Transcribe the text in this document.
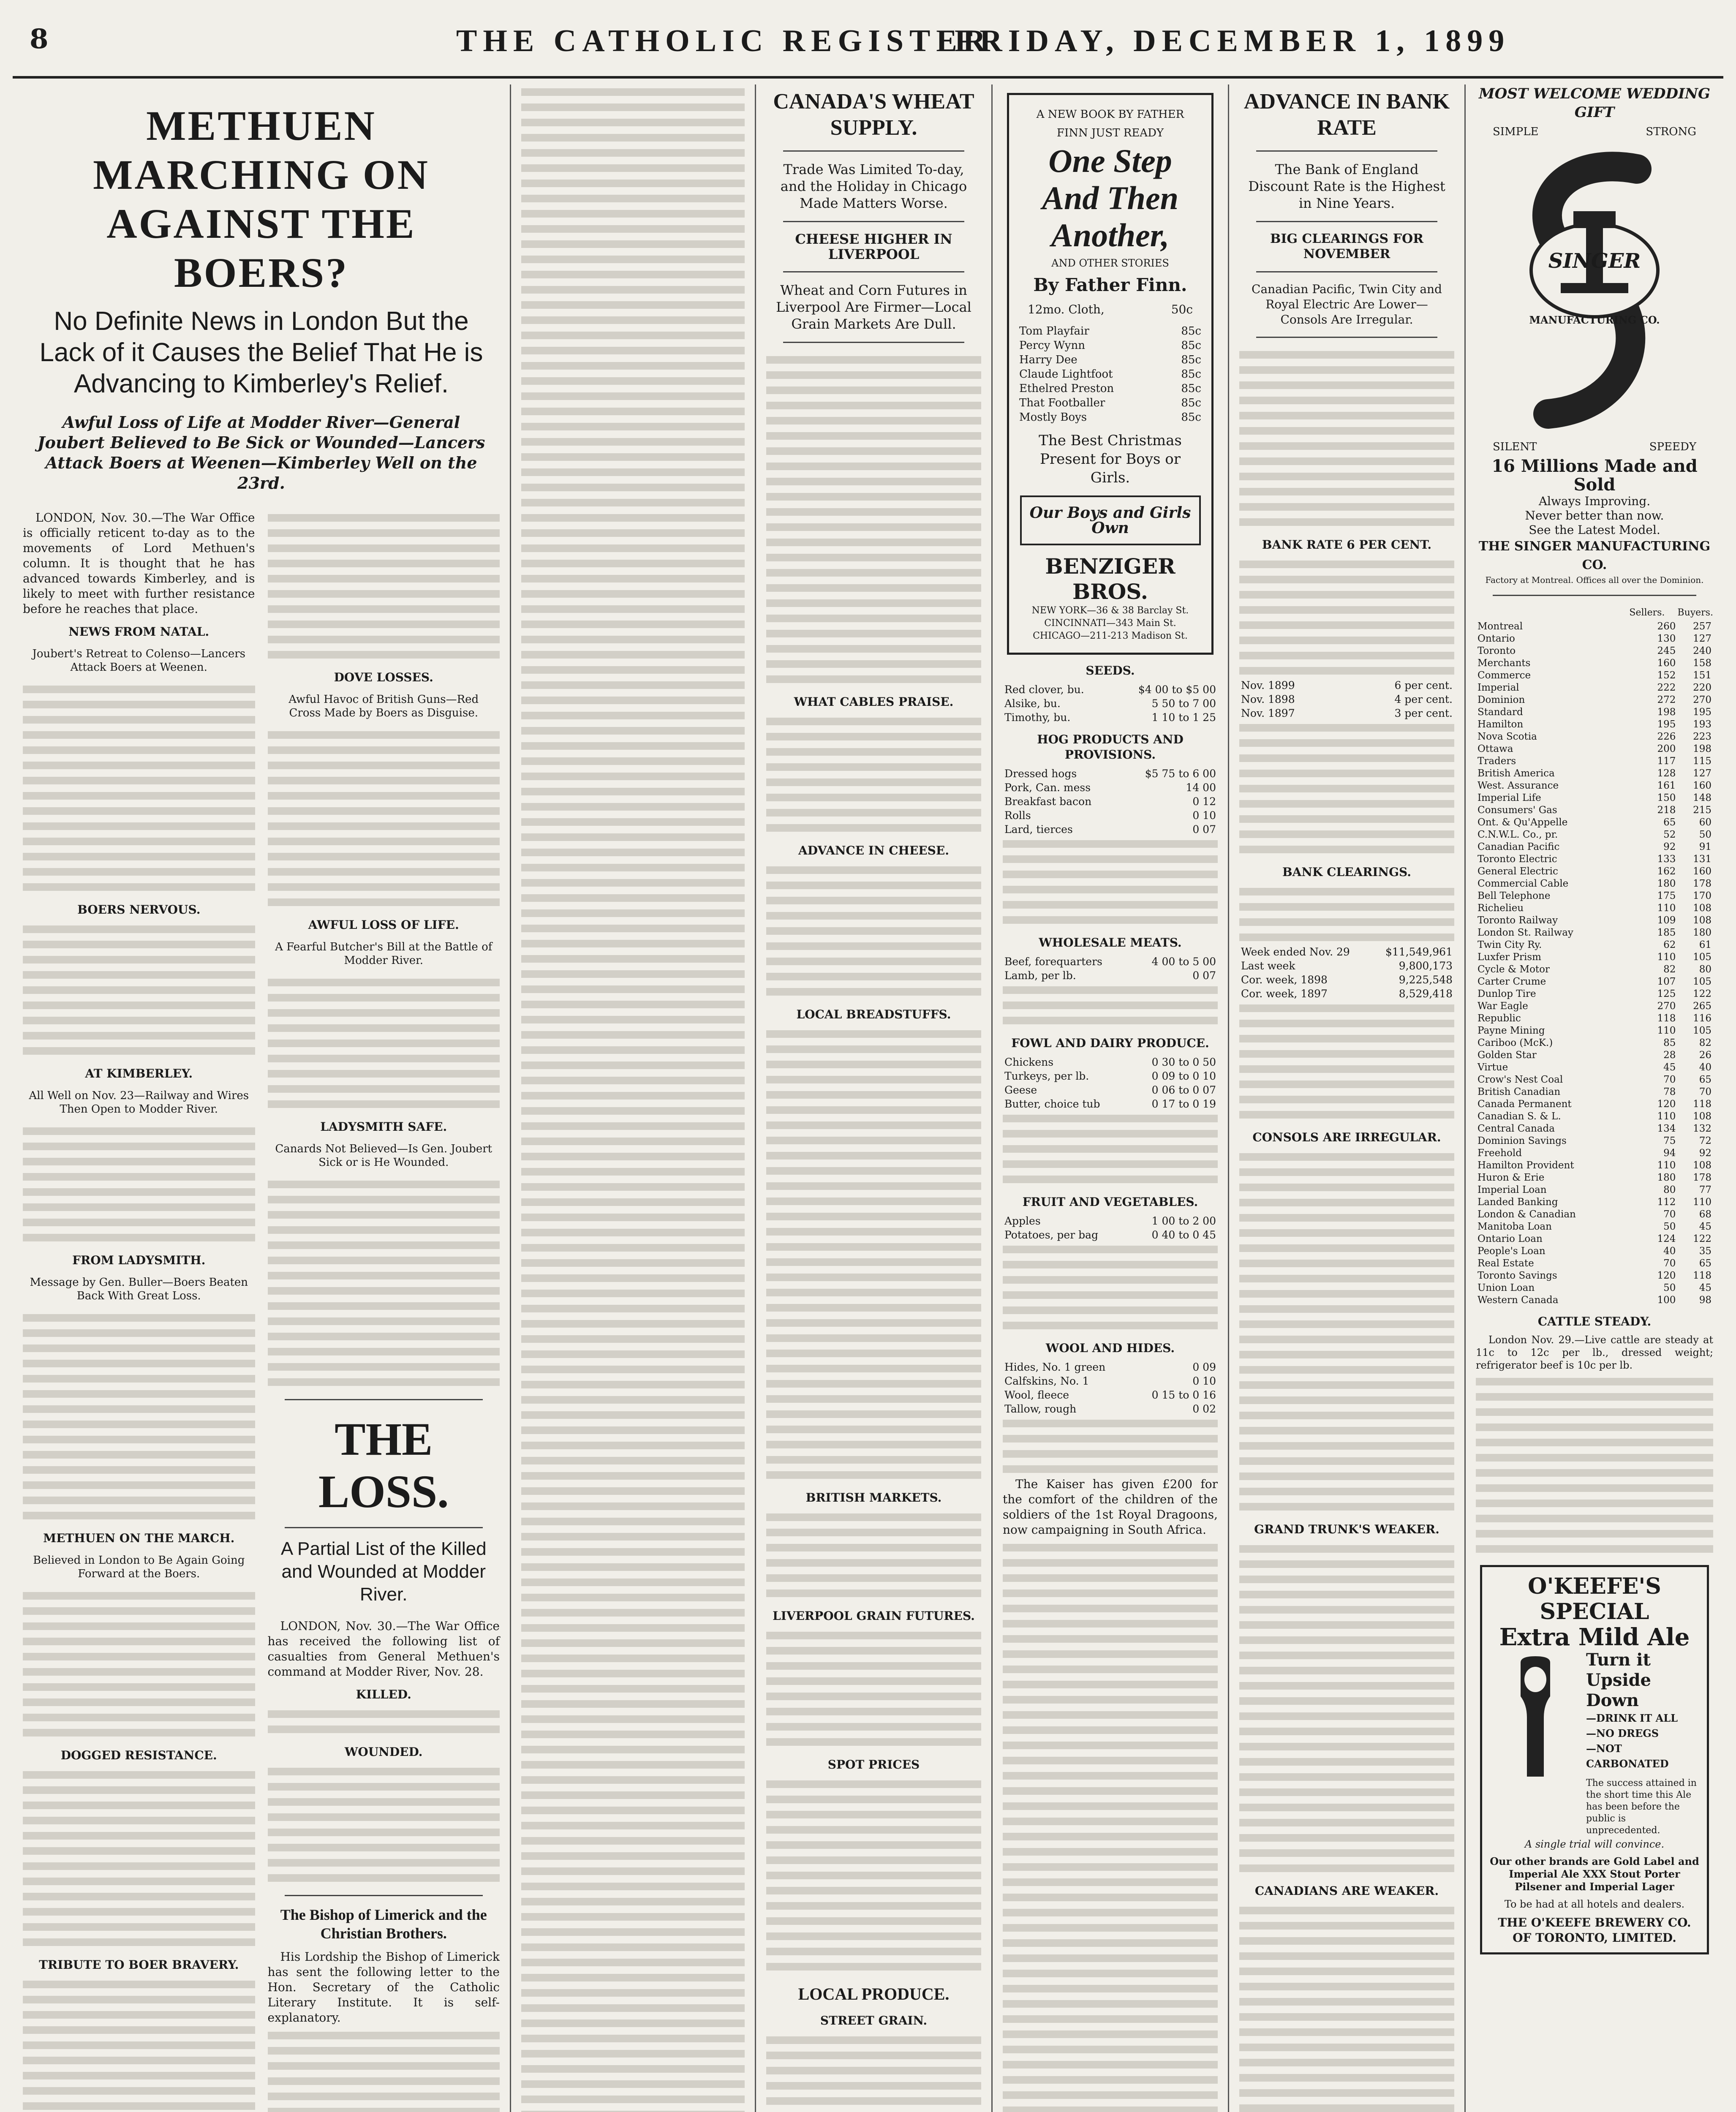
8	THE CATHOLIC REGISTER
FRIDAY, DECEMBER 1, 1899
METHUEN MARCHING ON AGAINST THE BOERS?
No Definite News in London But the Lack of it Causes the Belief That He is Advancing to Kimberley's Relief.
Awful Loss of Life at Modder River—General Joubert Believed to Be Sick or Wounded—Lancers Attack Boers at Weenen—Kimberley Well on the 23rd.

LONDON, Nov. 30.—The War Office is officially reticent to-day as to the movements of Lord Methuen's column. It is thought that he has advanced towards Kimberley, and is likely to meet with further resistance before he reaches that place.

NEWS FROM NATAL.
Joubert's Retreat to Colenso—Lancers Attack Boers at Weenen.
BOERS NERVOUS.
AT KIMBERLEY.
All Well on Nov. 23—Railway and Wires Then Open to Modder River.
FROM LADYSMITH.
Message by Gen. Buller—Boers Beaten Back With Great Loss.
METHUEN ON THE MARCH.
Believed in London to Be Again Going Forward at the Boers.
DOGGED RESISTANCE.
TRIBUTE TO BOER BRAVERY.
DOVE LOSSES.
Awful Havoc of British Guns—Red Cross Made by Boers as Disguise.
AWFUL LOSS OF LIFE.
A Fearful Butcher's Bill at the Battle of Modder River.
LADYSMITH SAFE.
Canards Not Believed—Is Gen. Joubert Sick or is He Wounded.
THE LOSS.
A Partial List of the Killed and Wounded at Modder River.

LONDON, Nov. 30.—The War Office has received the following list of casualties from General Methuen's command at Modder River, Nov. 28.

KILLED.
WOUNDED.
The Bishop of Limerick and the Christian Brothers.

His Lordship the Bishop of Limerick has sent the following letter to the Hon. Secretary of the Catholic Literary Institute. It is self-explanatory.

CANADA'S WHEAT SUPPLY.
Trade Was Limited To-day, and the Holiday in Chicago Made Matters Worse.
CHEESE HIGHER IN LIVERPOOL
Wheat and Corn Futures in Liverpool Are Firmer—Local Grain Markets Are Dull.
WHAT CABLES PRAISE.
ADVANCE IN CHEESE.
LOCAL BREADSTUFFS.
BRITISH MARKETS.
LIVERPOOL GRAIN FUTURES.
SPOT PRICES
LOCAL PRODUCE.
STREET GRAIN.
A NEW BOOK BY FATHER FINN JUST READY
One Step And Then Another,
AND OTHER STORIES
By Father Finn.
12mo. Cloth,	50c
Tom Playfair	85c
Percy Wynn	85c
Harry Dee	85c
Claude Lightfoot	85c
Ethelred Preston	85c
That Footballer	85c
Mostly Boys	85c
The Best Christmas Present for Boys or Girls.
Our Boys and Girls Own
BENZIGER BROS.
NEW YORK—36 & 38 Barclay St. CINCINNATI—343 Main St. CHICAGO—211-213 Madison St.
SEEDS.
Red clover, bu.	$4 00 to $5 00
Alsike, bu.	5 50 to 7 00
Timothy, bu.	1 10 to 1 25
HOG PRODUCTS AND PROVISIONS.
Dressed hogs	$5 75 to 6 00
Pork, Can. mess	14 00
Breakfast bacon	0 12
Rolls	0 10
Lard, tierces	0 07
WHOLESALE MEATS.
Beef, forequarters	4 00 to 5 00
Lamb, per lb.	0 07
FOWL AND DAIRY PRODUCE.
Chickens	0 30 to 0 50
Turkeys, per lb.	0 09 to 0 10
Geese	0 06 to 0 07
Butter, choice tub	0 17 to 0 19
FRUIT AND VEGETABLES.
Apples	1 00 to 2 00
Potatoes, per bag	0 40 to 0 45
WOOL AND HIDES.
Hides, No. 1 green	0 09
Calfskins, No. 1	0 10
Wool, fleece	0 15 to 0 16
Tallow, rough	0 02

The Kaiser has given £200 for the comfort of the children of the soldiers of the 1st Royal Dragoons, now campaigning in South Africa.

ADVANCE IN BANK RATE
The Bank of England Discount Rate is the Highest in Nine Years.
BIG CLEARINGS FOR NOVEMBER
Canadian Pacific, Twin City and Royal Electric Are Lower—Consols Are Irregular.
BANK RATE 6 PER CENT.
Nov. 1899	6 per cent.
Nov. 1898	4 per cent.
Nov. 1897	3 per cent.
BANK CLEARINGS.
Week ended Nov. 29	$11,549,961
Last week	9,800,173
Cor. week, 1898	9,225,548
Cor. week, 1897	8,529,418
CONSOLS ARE IRREGULAR.
GRAND TRUNK'S WEAKER.
CANADIANS ARE WEAKER.
MOST WELCOME WEDDING GIFT
SIMPLE	STRONG
SINGER
MANUFACTURING CO.
SILENT	SPEEDY
16 Millions Made and Sold
Always Improving.
Never better than now.
See the Latest Model.
THE SINGER MANUFACTURING CO.
Factory at Montreal. Offices all over the Dominion.
Sellers. Buyers.
Montreal	260	257
Ontario	130	127
Toronto	245	240
Merchants	160	158
Commerce	152	151
Imperial	222	220
Dominion	272	270
Standard	198	195
Hamilton	195	193
Nova Scotia	226	223
Ottawa	200	198
Traders	117	115
British America	128	127
West. Assurance	161	160
Imperial Life	150	148
Consumers' Gas	218	215
Ont. & Qu'Appelle	65	60
C.N.W.L. Co., pr.	52	50
Canadian Pacific	92	91
Toronto Electric	133	131
General Electric	162	160
Commercial Cable	180	178
Bell Telephone	175	170
Richelieu	110	108
Toronto Railway	109	108
London St. Railway	185	180
Twin City Ry.	62	61
Luxfer Prism	110	105
Cycle & Motor	82	80
Carter Crume	107	105
Dunlop Tire	125	122
War Eagle	270	265
Republic	118	116
Payne Mining	110	105
Cariboo (McK.)	85	82
Golden Star	28	26
Virtue	45	40
Crow's Nest Coal	70	65
British Canadian	78	70
Canada Permanent	120	118
Canadian S. & L.	110	108
Central Canada	134	132
Dominion Savings	75	72
Freehold	94	92
Hamilton Provident	110	108
Huron & Erie	180	178
Imperial Loan	80	77
Landed Banking	112	110
London & Canadian	70	68
Manitoba Loan	50	45
Ontario Loan	124	122
People's Loan	40	35
Real Estate	70	65
Toronto Savings	120	118
Union Loan	50	45
Western Canada	100	98
CATTLE STEADY.

London Nov. 29.—Live cattle are steady at 11c to 12c per lb., dressed weight; refrigerator beef is 10c per lb.

O'KEEFE'S SPECIAL
Extra Mild Ale
Turn it Upside Down
—DRINK IT ALL
—NO DREGS
—NOT CARBONATED
The success attained in the short time this Ale has been before the public is unprecedented.
A single trial will convince.
Our other brands are Gold Label and Imperial Ale XXX Stout Porter Pilsener and Imperial Lager
To be had at all hotels and dealers.
THE O'KEEFE BREWERY CO. OF TORONTO, LIMITED.
